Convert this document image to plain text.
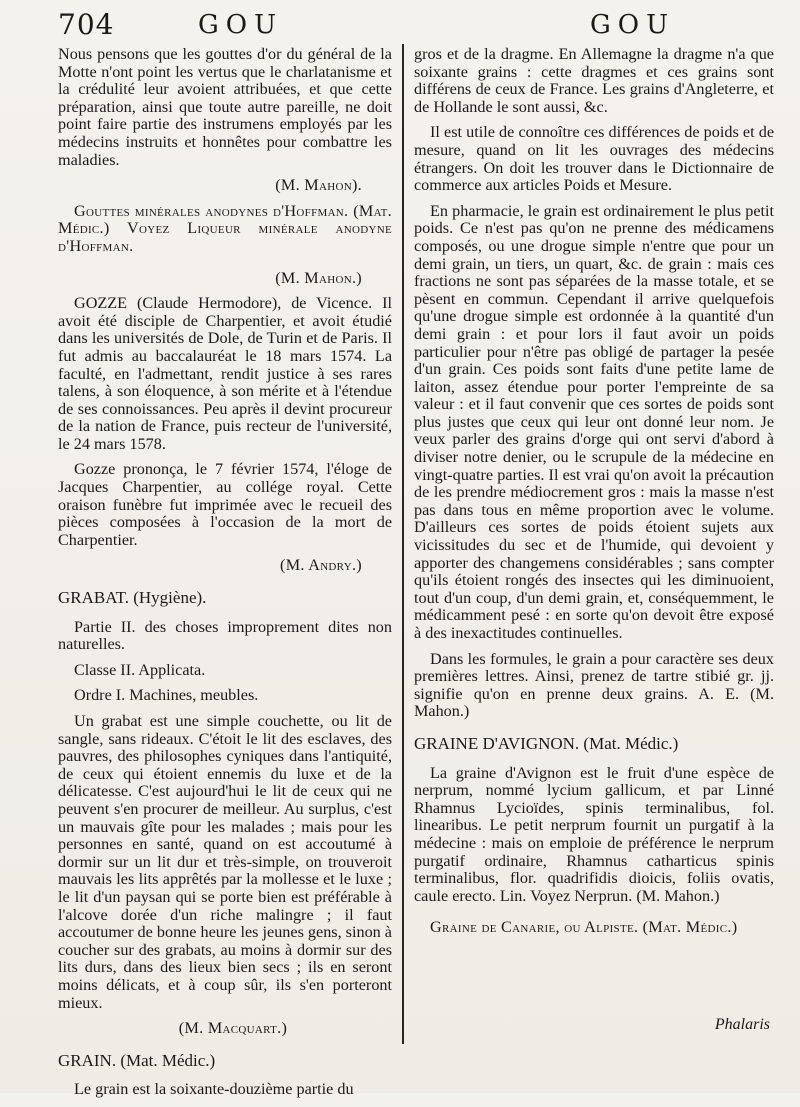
704	GOU	GOU

Nous pensons que les gouttes d'or du général de la Motte n'ont point les vertus que le charlatanisme et la crédulité leur avoient attribuées, et que cette préparation, ainsi que toute autre pareille, ne doit point faire partie des instrumens employés par les médecins instruits et honnêtes pour combattre les maladies.

(M. Mahon).

Gouttes minérales anodynes d'Hoffman. (Mat. Médic.) Voyez Liqueur minérale anodyne d'Hoffman.

(M. Mahon.)

GOZZE (Claude Hermodore), de Vicence. Il avoit été disciple de Charpentier, et avoit étudié dans les universités de Dole, de Turin et de Paris. Il fut admis au baccalauréat le 18 mars 1574. La faculté, en l'admettant, rendit justice à ses rares talens, à son éloquence, à son mérite et à l'étendue de ses connoissances. Peu après il devint procureur de la nation de France, puis recteur de l'université, le 24 mars 1578.

Gozze prononça, le 7 février 1574, l'éloge de Jacques Charpentier, au collége royal. Cette oraison funèbre fut imprimée avec le recueil des pièces composées à l'occasion de la mort de Charpentier.

(M. Andry.)

GRABAT. (Hygiène).

Partie II. des choses improprement dites non naturelles.

Classe II. Applicata.

Ordre I. Machines, meubles.

Un grabat est une simple couchette, ou lit de sangle, sans rideaux. C'étoit le lit des esclaves, des pauvres, des philosophes cyniques dans l'antiquité, de ceux qui étoient ennemis du luxe et de la délicatesse. C'est aujourd'hui le lit de ceux qui ne peuvent s'en procurer de meilleur. Au surplus, c'est un mauvais gîte pour les malades ; mais pour les personnes en santé, quand on est accoutumé à dormir sur un lit dur et très-simple, on trouveroit mauvais les lits apprêtés par la mollesse et le luxe ; le lit d'un paysan qui se porte bien est préférable à l'alcove dorée d'un riche malingre ; il faut accoutumer de bonne heure les jeunes gens, sinon à coucher sur des grabats, au moins à dormir sur des lits durs, dans des lieux bien secs ; ils en seront moins délicats, et à coup sûr, ils s'en porteront mieux.

(M. Macquart.)

GRAIN. (Mat. Médic.)

Le grain est la soixante-douzième partie du

gros et de la dragme. En Allemagne la dragme n'a que soixante grains : cette dragmes et ces grains sont différens de ceux de France. Les grains d'Angleterre, et de Hollande le sont aussi, &c.

Il est utile de connoître ces différences de poids et de mesure, quand on lit les ouvrages des médecins étrangers. On doit les trouver dans le Dictionnaire de commerce aux articles Poids et Mesure.

En pharmacie, le grain est ordinairement le plus petit poids. Ce n'est pas qu'on ne prenne des médicamens composés, ou une drogue simple n'entre que pour un demi grain, un tiers, un quart, &c. de grain : mais ces fractions ne sont pas séparées de la masse totale, et se pèsent en commun. Cependant il arrive quelquefois qu'une drogue simple est ordonnée à la quantité d'un demi grain : et pour lors il faut avoir un poids particulier pour n'être pas obligé de partager la pesée d'un grain. Ces poids sont faits d'une petite lame de laiton, assez étendue pour porter l'empreinte de sa valeur : et il faut convenir que ces sortes de poids sont plus justes que ceux qui leur ont donné leur nom. Je veux parler des grains d'orge qui ont servi d'abord à diviser notre denier, ou le scrupule de la médecine en vingt-quatre parties. Il est vrai qu'on avoit la précaution de les prendre médiocrement gros : mais la masse n'est pas dans tous en même proportion avec le volume. D'ailleurs ces sortes de poids étoient sujets aux vicissitudes du sec et de l'humide, qui devoient y apporter des changemens considérables ; sans compter qu'ils étoient rongés des insectes qui les diminuoient, tout d'un coup, d'un demi grain, et, conséquemment, le médicamment pesé : en sorte qu'on devoit être exposé à des inexactitudes continuelles.

Dans les formules, le grain a pour caractère ses deux premières lettres. Ainsi, prenez de tartre stibié gr. jj. signifie qu'on en prenne deux grains. A. E. (M. Mahon.)

GRAINE D'AVIGNON. (Mat. Médic.)

La graine d'Avignon est le fruit d'une espèce de nerprum, nommé lycium gallicum, et par Linné Rhamnus Lycioïdes, spinis terminalibus, fol. linearibus. Le petit nerprum fournit un purgatif à la médecine : mais on emploie de préférence le nerprum purgatif ordinaire, Rhamnus catharticus spinis terminalibus, flor. quadrifidis dioicis, foliis ovatis, caule erecto. Lin. Voyez Nerprun. (M. Mahon.)

Graine de Canarie, ou Alpiste. (Mat. Médic.)

Phalaris
